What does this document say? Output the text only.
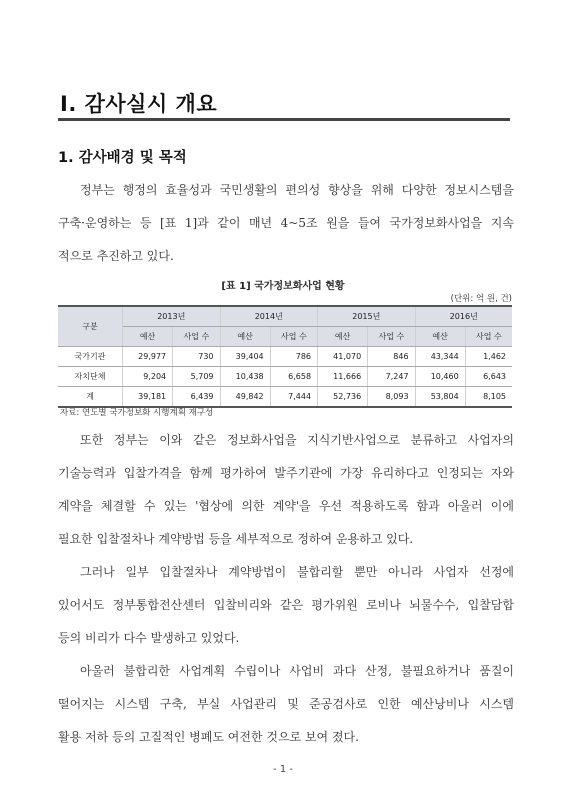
Ⅰ. 감사실시 개요
1. 감사배경 및 목적
정부는 행정의 효율성과 국민생활의 편의성 향상을 위해 다양한 정보시스템을
구축·운영하는 등 [표 1]과 같이 매년 4~5조 원을 들여 국가정보화사업을 지속
적으로 추진하고 있다.
[표 1] 국가정보화사업 현황
(단위: 억 원, 건)
구분	2013년		2014년		2015년		2016년	
	예산	사업 수	예산	사업 수	예산	사업 수	예산	사업 수
국가기관	29,977	730	39,404	786	41,070	846	43,344	1,462
자치단체	9,204	5,709	10,438	6,658	11,666	7,247	10,460	6,643
계	39,181	6,439	49,842	7,444	52,736	8,093	53,804	8,105
자료: 연도별 국가정보화 시행계획 재구성
또한 정부는 이와 같은 정보화사업을 지식기반사업으로 분류하고 사업자의
기술능력과 입찰가격을 함께 평가하여 발주기관에 가장 유리하다고 인정되는 자와
계약을 체결할 수 있는 '협상에 의한 계약'을 우선 적용하도록 함과 아울러 이에
필요한 입찰절차나 계약방법 등을 세부적으로 정하여 운용하고 있다.
그러나 일부 입찰절차나 계약방법이 불합리할 뿐만 아니라 사업자 선정에
있어서도 정부통합전산센터 입찰비리와 같은 평가위원 로비나 뇌물수수, 입찰담합
등의 비리가 다수 발생하고 있었다.
아울러 불합리한 사업계획 수립이나 사업비 과다 산정, 불필요하거나 품질이
떨어지는 시스템 구축, 부실 사업관리 및 준공검사로 인한 예산낭비나 시스템
활용 저하 등의 고질적인 병폐도 여전한 것으로 보여 졌다.
- 1 -
